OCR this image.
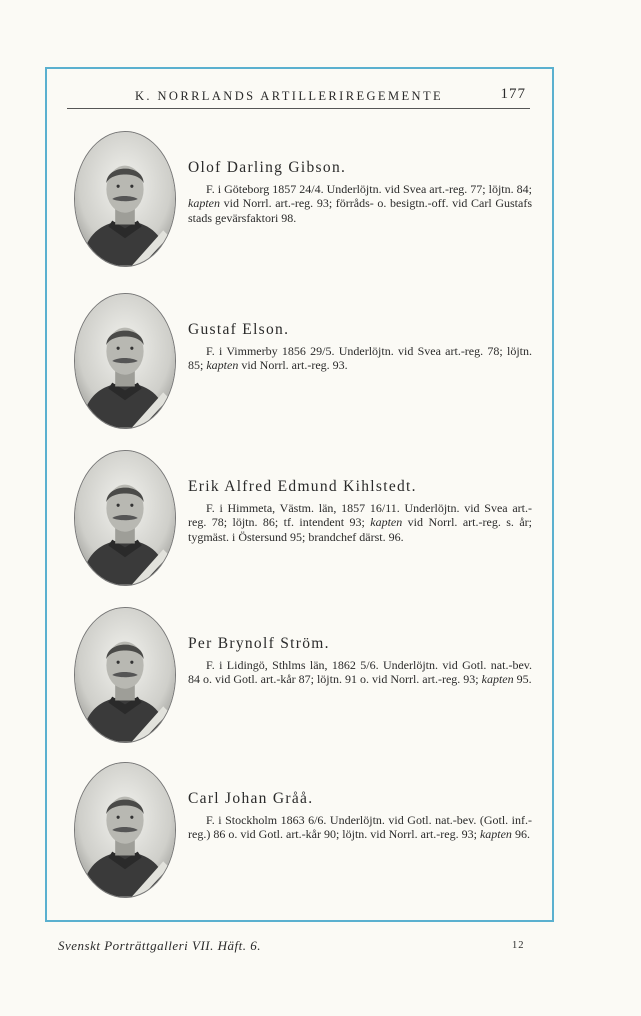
K. NORRLANDS ARTILLERIREGEMENTE	177
Olof Darling Gibson.
F. i Göteborg 1857 24/4. Underlöjtn. vid Svea art.-reg. 77; löjtn. 84; kapten vid Norrl. art.-reg. 93; förråds- o. besigtn.-off. vid Carl Gustafs stads gevärsfaktori 98.
Gustaf Elson.
F. i Vimmerby 1856 29/5. Underlöjtn. vid Svea art.-reg. 78; löjtn. 85; kapten vid Norrl. art.-reg. 93.
Erik Alfred Edmund Kihlstedt.
F. i Himmeta, Västm. län, 1857 16/11. Underlöjtn. vid Svea art.-reg. 78; löjtn. 86; tf. intendent 93; kapten vid Norrl. art.-reg. s. år; tygmäst. i Östersund 95; brandchef därst. 96.
Per Brynolf Ström.
F. i Lidingö, Sthlms län, 1862 5/6. Underlöjtn. vid Gotl. nat.-bev. 84 o. vid Gotl. art.-kår 87; löjtn. 91 o. vid Norrl. art.-reg. 93; kapten 95.
Carl Johan Gråå.
F. i Stockholm 1863 6/6. Underlöjtn. vid Gotl. nat.-bev. (Gotl. inf.-reg.) 86 o. vid Gotl. art.-kår 90; löjtn. vid Norrl. art.-reg. 93; kapten 96.
Svenskt Porträttgalleri VII. Häft. 6.	12
